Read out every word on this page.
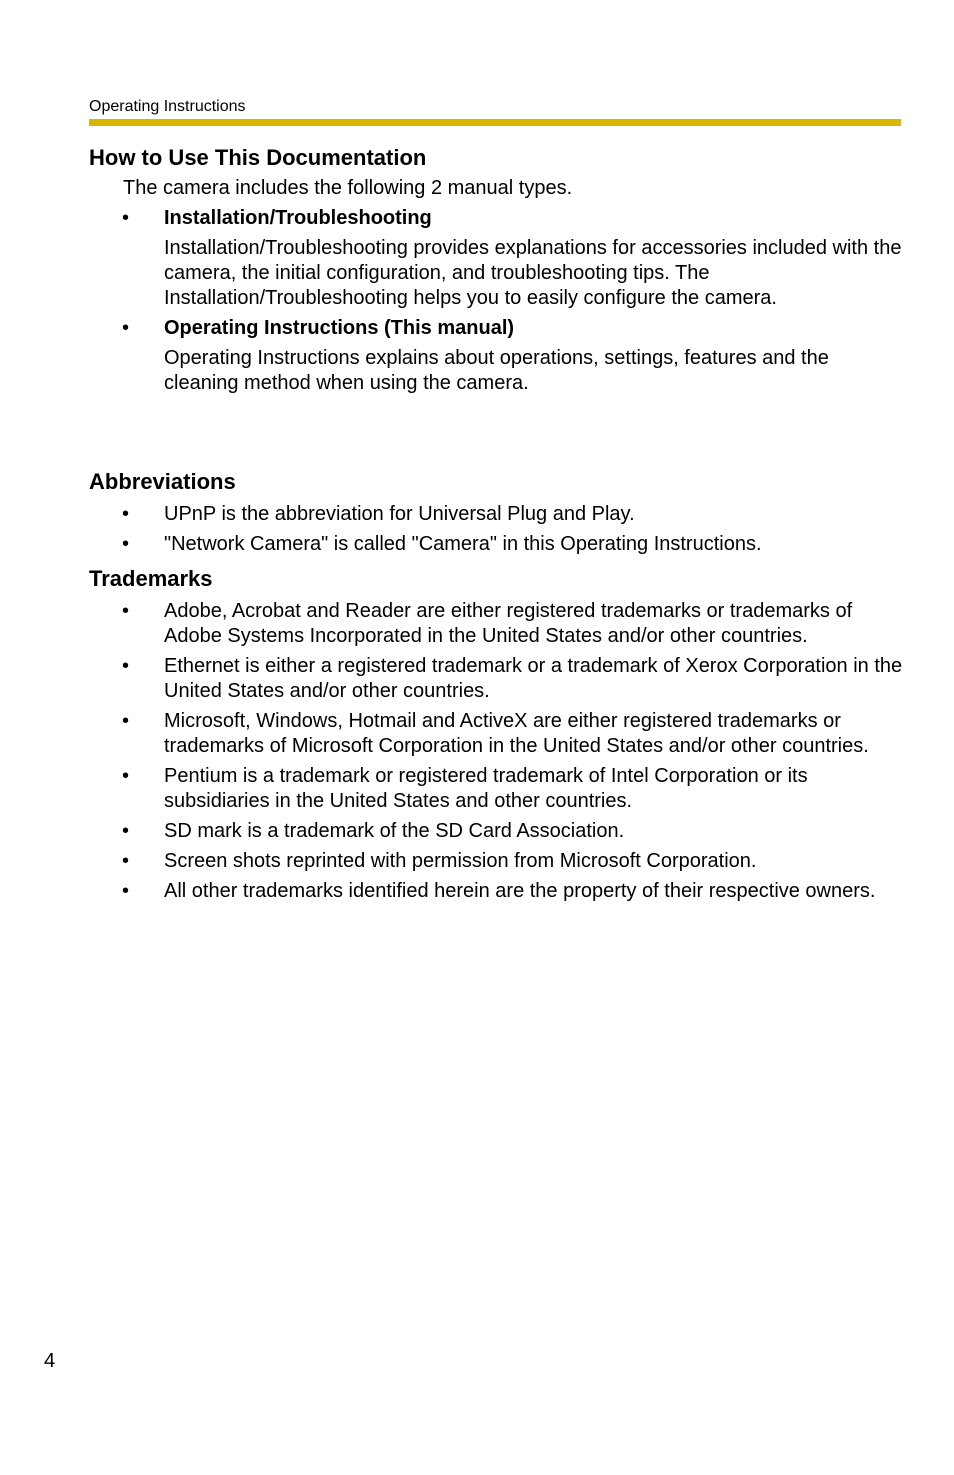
Operating Instructions
How to Use This Documentation

The camera includes the following 2 manual types.

•	Installation/Troubleshooting
Installation/Troubleshooting provides explanations for accessories included with the camera, the initial configuration, and troubleshooting tips. The Installation/Troubleshooting helps you to easily configure the camera.
•	Operating Instructions (This manual)
Operating Instructions explains about operations, settings, features and the cleaning method when using the camera.
Abbreviations
•	UPnP is the abbreviation for Universal Plug and Play.
•	"Network Camera" is called "Camera" in this Operating Instructions.
Trademarks
•	Adobe, Acrobat and Reader are either registered trademarks or trademarks of Adobe Systems Incorporated in the United States and/or other countries.
•	Ethernet is either a registered trademark or a trademark of Xerox Corporation in the United States and/or other countries.
•	Microsoft, Windows, Hotmail and ActiveX are either registered trademarks or trademarks of Microsoft Corporation in the United States and/or other countries.
•	Pentium is a trademark or registered trademark of Intel Corporation or its subsidiaries in the United States and other countries.
•	SD mark is a trademark of the SD Card Association.
•	Screen shots reprinted with permission from Microsoft Corporation.
•	All other trademarks identified herein are the property of their respective owners.
4
